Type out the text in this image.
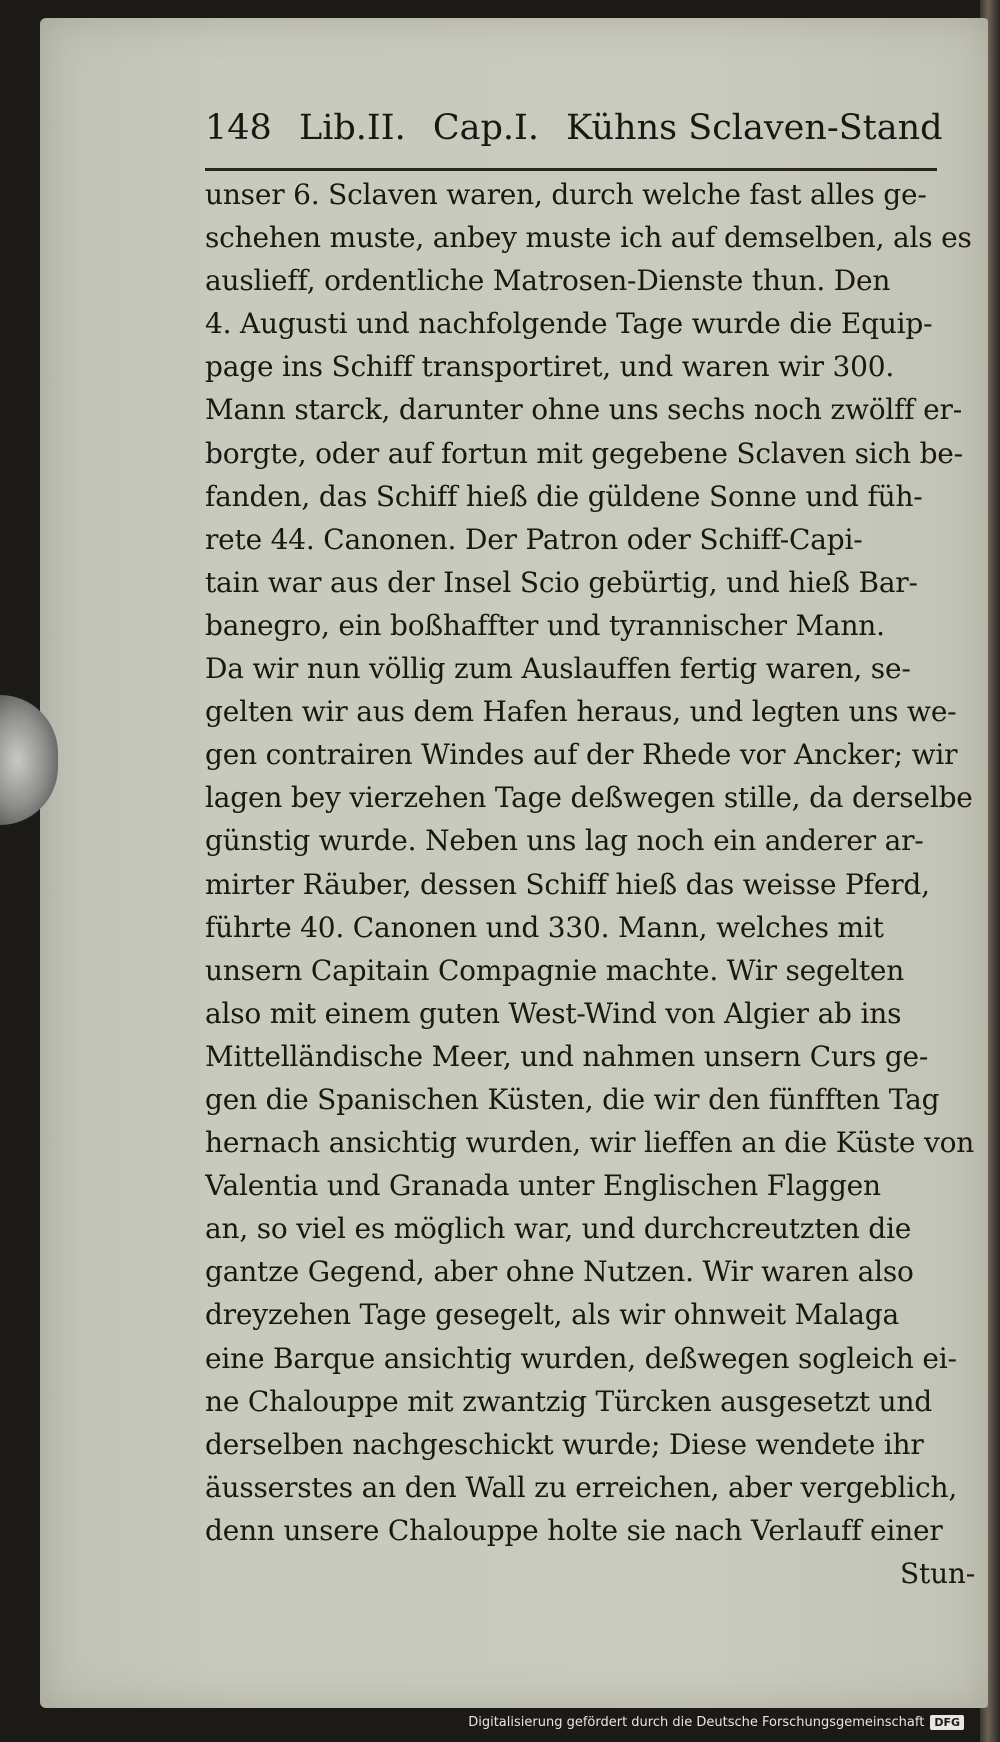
148 Lib.II. Cap.I. Kühns Sclaven-Stand
unser 6. Sclaven waren, durch welche fast alles ge-
schehen muste, anbey muste ich auf demselben, als es
auslieff, ordentliche Matrosen-Dienste thun. Den
4. Augusti und nachfolgende Tage wurde die Equip-
page ins Schiff transportiret, und waren wir 300.
Mann starck, darunter ohne uns sechs noch zwölff er-
borgte, oder auf fortun mit gegebene Sclaven sich be-
fanden, das Schiff hieß die güldene Sonne und füh-
rete 44. Canonen. Der Patron oder Schiff-Capi-
tain war aus der Insel Scio gebürtig, und hieß Bar-
banegro, ein boßhaffter und tyrannischer Mann.
Da wir nun völlig zum Auslauffen fertig waren, se-
gelten wir aus dem Hafen heraus, und legten uns we-
gen contrairen Windes auf der Rhede vor Ancker; wir
lagen bey vierzehen Tage deßwegen stille, da derselbe
günstig wurde. Neben uns lag noch ein anderer ar-
mirter Räuber, dessen Schiff hieß das weisse Pferd,
führte 40. Canonen und 330. Mann, welches mit
unsern Capitain Compagnie machte. Wir segelten
also mit einem guten West-Wind von Algier ab ins
Mittelländische Meer, und nahmen unsern Curs ge-
gen die Spanischen Küsten, die wir den fünfften Tag
hernach ansichtig wurden, wir lieffen an die Küste von
Valentia und Granada unter Englischen Flaggen
an, so viel es möglich war, und durchcreutzten die
gantze Gegend, aber ohne Nutzen. Wir waren also
dreyzehen Tage gesegelt, als wir ohnweit Malaga
eine Barque ansichtig wurden, deßwegen sogleich ei-
ne Chalouppe mit zwantzig Türcken ausgesetzt und
derselben nachgeschickt wurde; Diese wendete ihr
äusserstes an den Wall zu erreichen, aber vergeblich,
denn unsere Chalouppe holte sie nach Verlauff einer
Stun-
Digitalisierung gefördert durch die Deutsche Forschungsgemeinschaft DFG
